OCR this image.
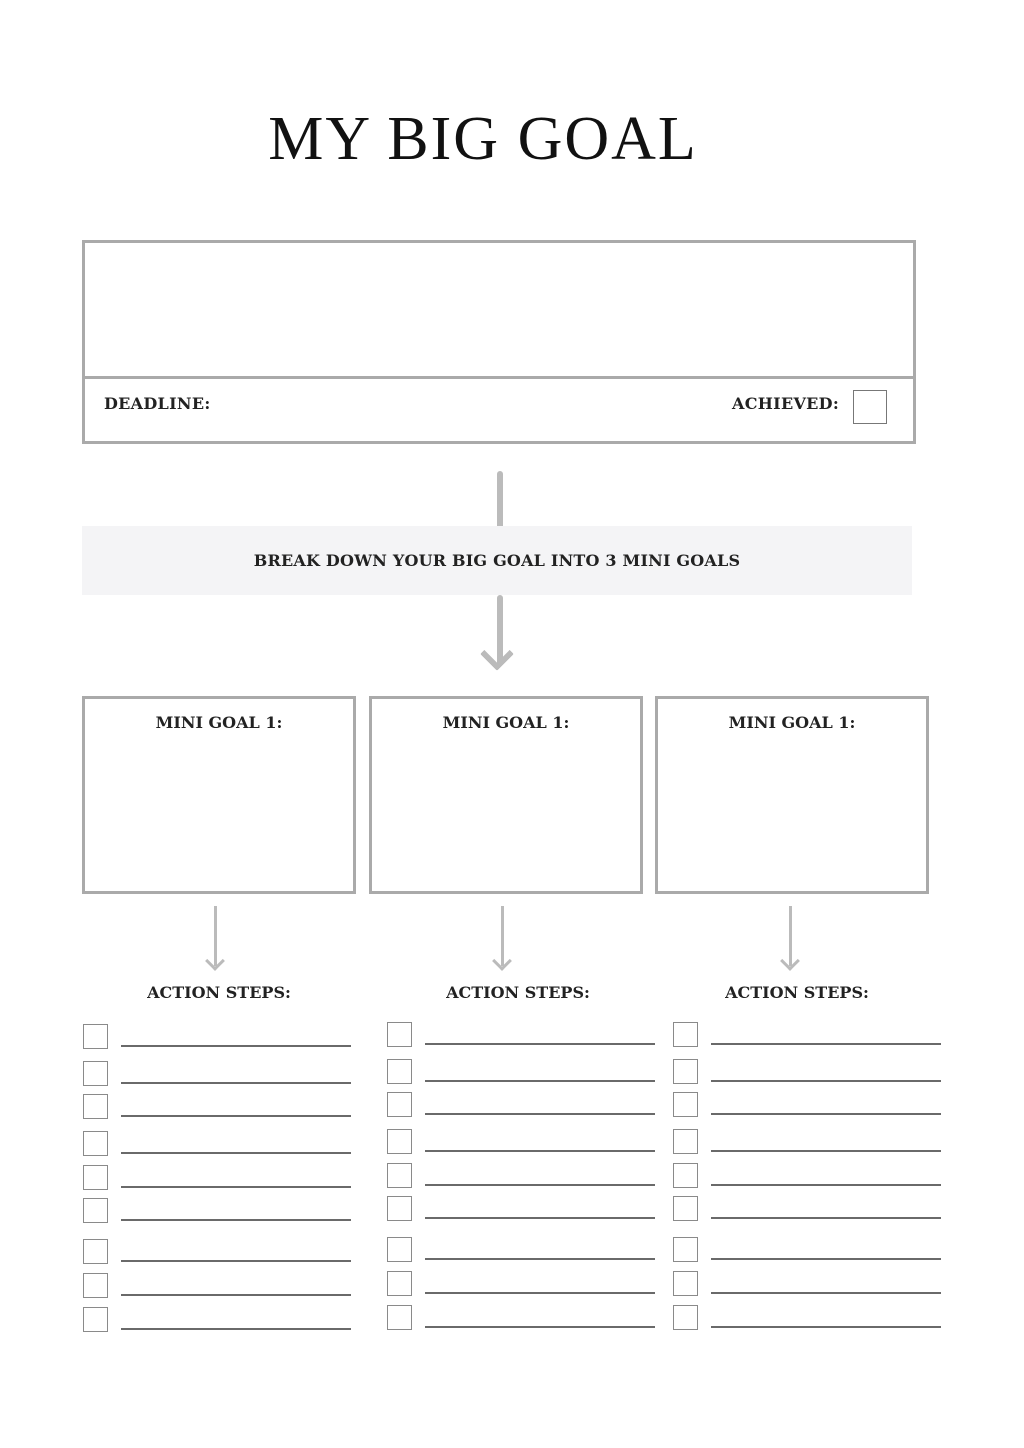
MY BIG GOAL
DEADLINE:	ACHIEVED:
BREAK DOWN YOUR BIG GOAL INTO 3 MINI GOALS
MINI GOAL 1:	MINI GOAL 1:	MINI GOAL 1:
ACTION STEPS:	ACTION STEPS:	ACTION STEPS:
